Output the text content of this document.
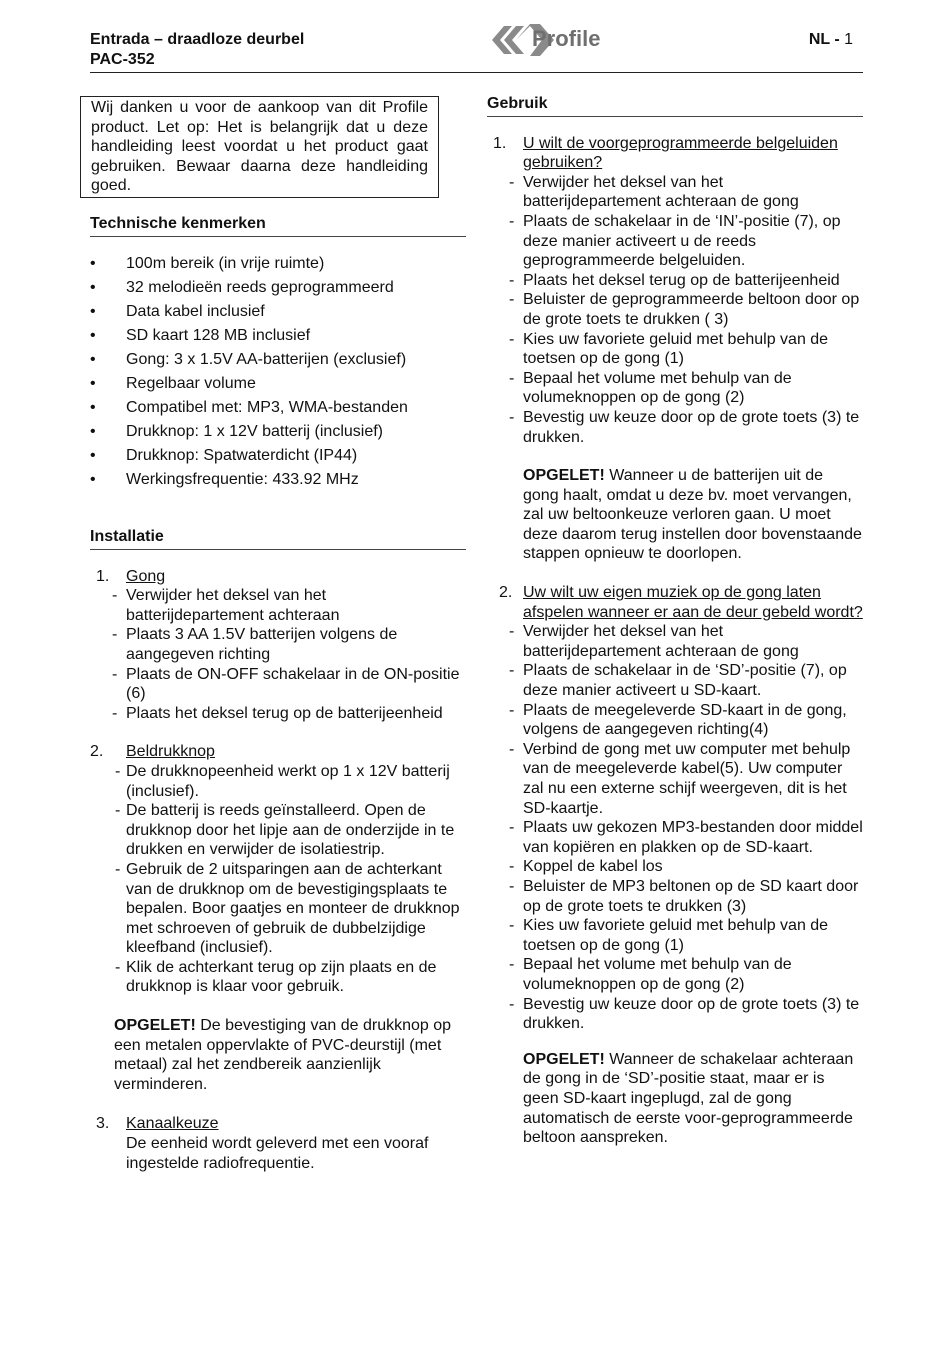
Entrada – draadloze deurbel
PAC-352
Profile	NL - 1
Wij danken u voor de aankoop van dit Profile product. Let op: Het is belangrijk dat u deze handleiding leest voordat u het product gaat gebruiken. Bewaar daarna deze handleiding goed.
Technische kenmerken
• 100m bereik (in vrije ruimte)
• 32 melodieën reeds geprogrammeerd
• Data kabel inclusief
• SD kaart 128 MB inclusief
• Gong: 3 x 1.5V AA-batterijen (exclusief)
• Regelbaar volume
• Compatibel met: MP3, WMA-bestanden
• Drukknop: 1 x 12V batterij (inclusief)
• Drukknop: Spatwaterdicht (IP44)
• Werkingsfrequentie: 433.92 MHz
Installatie
1. Gong
- Verwijder het deksel van het batterijdepartement achteraan
- Plaats 3 AA 1.5V batterijen volgens de aangegeven richting
- Plaats de ON-OFF schakelaar in de ON-positie (6)
- Plaats het deksel terug op de batterijeenheid
2. Beldrukknop
- De drukknopeenheid werkt op 1 x 12V batterij (inclusief).
- De batterij is reeds geïnstalleerd. Open de drukknop door het lipje aan de onderzijde in te drukken en verwijder de isolatiestrip.
- Gebruik de 2 uitsparingen aan de achterkant van de drukknop om de bevestigingsplaats te bepalen. Boor gaatjes en monteer de drukknop met schroeven of gebruik de dubbelzijdige kleefband (inclusief).
- Klik de achterkant terug op zijn plaats en de drukknop is klaar voor gebruik.
OPGELET! De bevestiging van de drukknop op een metalen oppervlakte of PVC-deurstijl (met metaal) zal het zendbereik aanzienlijk verminderen.
3. Kanaalkeuze
De eenheid wordt geleverd met een vooraf ingestelde radiofrequentie.
Gebruik
1. U wilt de voorgeprogrammeerde belgeluiden gebruiken?
- Verwijder het deksel van het batterijdepartement achteraan de gong
- Plaats de schakelaar in de ‘IN’-positie (7), op deze manier activeert u de reeds geprogrammeerde belgeluiden.
- Plaats het deksel terug op de batterijeenheid
- Beluister de geprogrammeerde beltoon door op de grote toets te drukken ( 3)
- Kies uw favoriete geluid met behulp van de toetsen op de gong (1)
- Bepaal het volume met behulp van de volumeknoppen op de gong (2)
- Bevestig uw keuze door op de grote toets (3) te drukken.
OPGELET! Wanneer u de batterijen uit de gong haalt, omdat u deze bv. moet vervangen, zal uw beltoonkeuze verloren gaan. U moet deze daarom terug instellen door bovenstaande stappen opnieuw te doorlopen.
2. Uw wilt uw eigen muziek op de gong laten afspelen wanneer er aan de deur gebeld wordt?
- Verwijder het deksel van het batterijdepartement achteraan de gong
- Plaats de schakelaar in de ‘SD’-positie (7), op deze manier activeert u SD-kaart.
- Plaats de meegeleverde SD-kaart in de gong, volgens de aangegeven richting(4)
- Verbind de gong met uw computer met behulp van de meegeleverde kabel(5). Uw computer zal nu een externe schijf weergeven, dit is het SD-kaartje.
- Plaats uw gekozen MP3-bestanden door middel van kopiëren en plakken op de SD-kaart.
- Koppel de kabel los
- Beluister de MP3 beltonen op de SD kaart door op de grote toets te drukken (3)
- Kies uw favoriete geluid met behulp van de toetsen op de gong (1)
- Bepaal het volume met behulp van de volumeknoppen op de gong (2)
- Bevestig uw keuze door op de grote toets (3) te drukken.
OPGELET! Wanneer de schakelaar achteraan de gong in de ‘SD’-positie staat, maar er is geen SD-kaart ingeplugd, zal de gong automatisch de eerste voor-geprogrammeerde beltoon aanspreken.
